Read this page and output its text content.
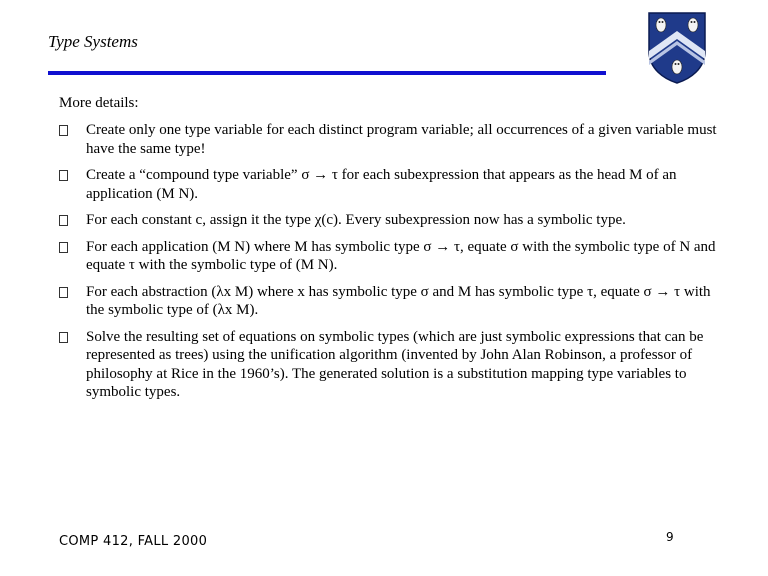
Type Systems
More details:
Create only one type variable for each distinct program variable; all occurrences of a given variable must have the same type!
Create a “compound type variable” σ → τ for each subexpression that appears as the head M of an application (M N).
For each constant c, assign it the type χ(c). Every subexpression now has a symbolic type.
For each application (M N) where M has symbolic type σ → τ, equate σ with the symbolic type of N and equate τ with the symbolic type of (M N).
For each abstraction (λx M) where x has symbolic type σ and M has symbolic type τ, equate σ → τ with the symbolic type of (λx M).
Solve the resulting set of equations on symbolic types (which are just symbolic expressions that can be represented as trees) using the unification algorithm (invented by John Alan Robinson, a professor of philosophy at Rice in the 1960’s). The generated solution is a substitution mapping type variables to symbolic types.
COMP 412, FALL 2000	9
